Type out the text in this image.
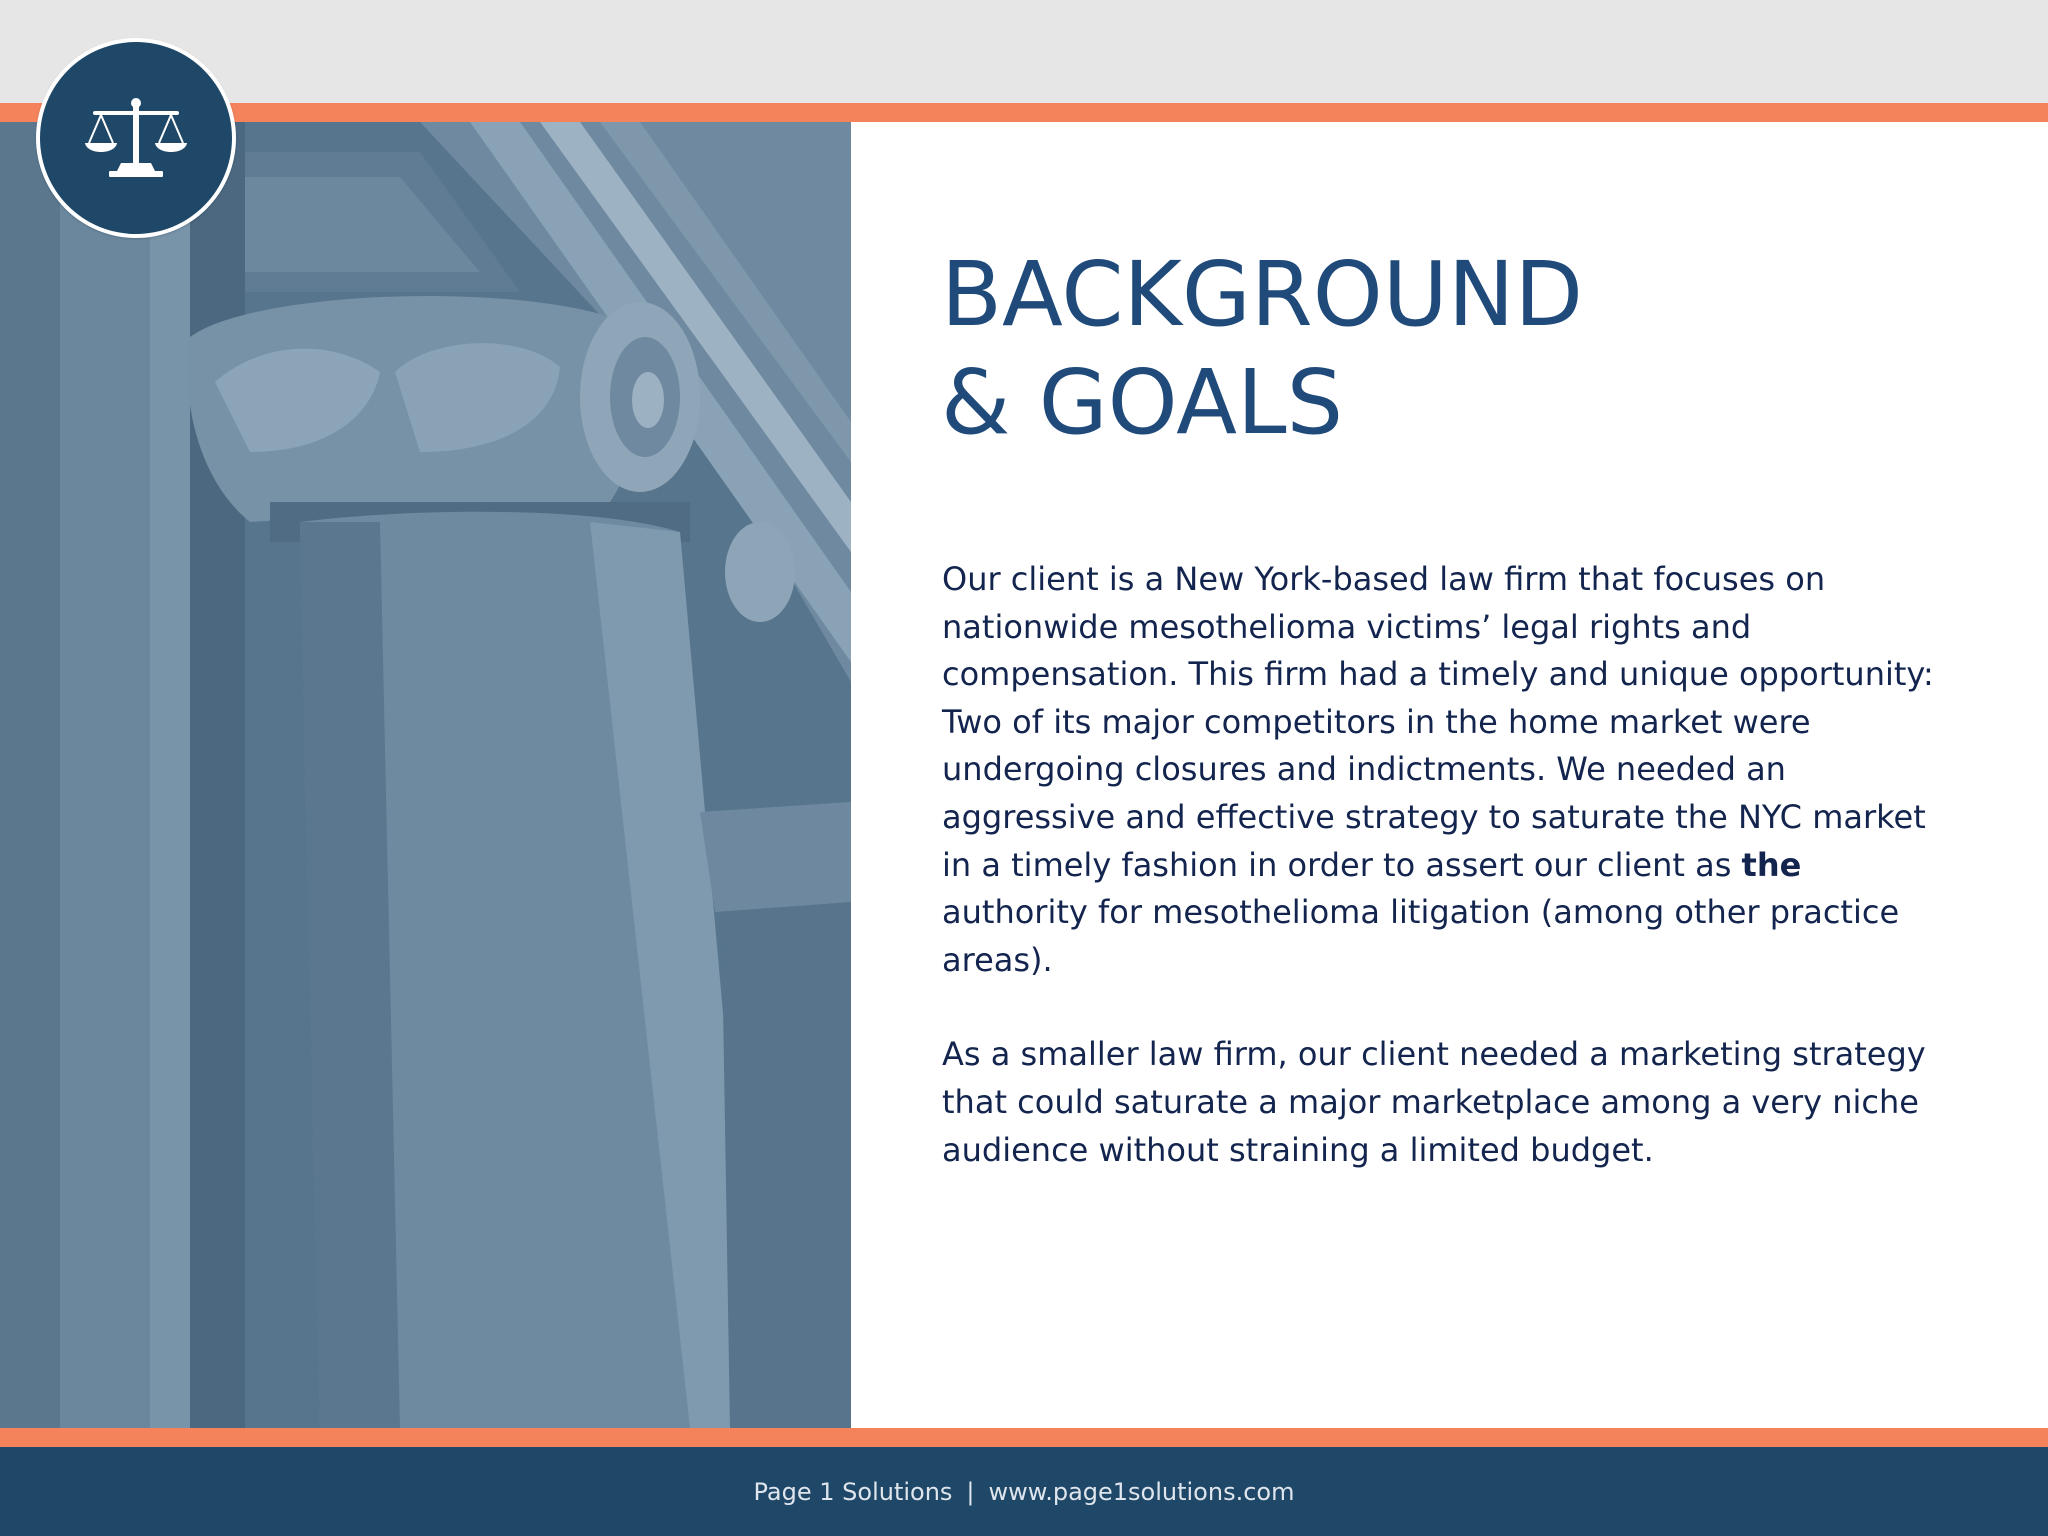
BACKGROUND
& GOALS

Our client is a New York-based law firm that focuses on nationwide mesothelioma victims’ legal rights and compensation. This firm had a timely and unique opportunity: Two of its major competitors in the home market were undergoing closures and indictments. We needed an aggressive and effective strategy to saturate the NYC market in a timely fashion in order to assert our client as the authority for mesothelioma litigation (among other practice areas).

As a smaller law firm, our client needed a marketing strategy that could saturate a major marketplace among a very niche audience without straining a limited budget.

Page 1 Solutions | www.page1solutions.com
